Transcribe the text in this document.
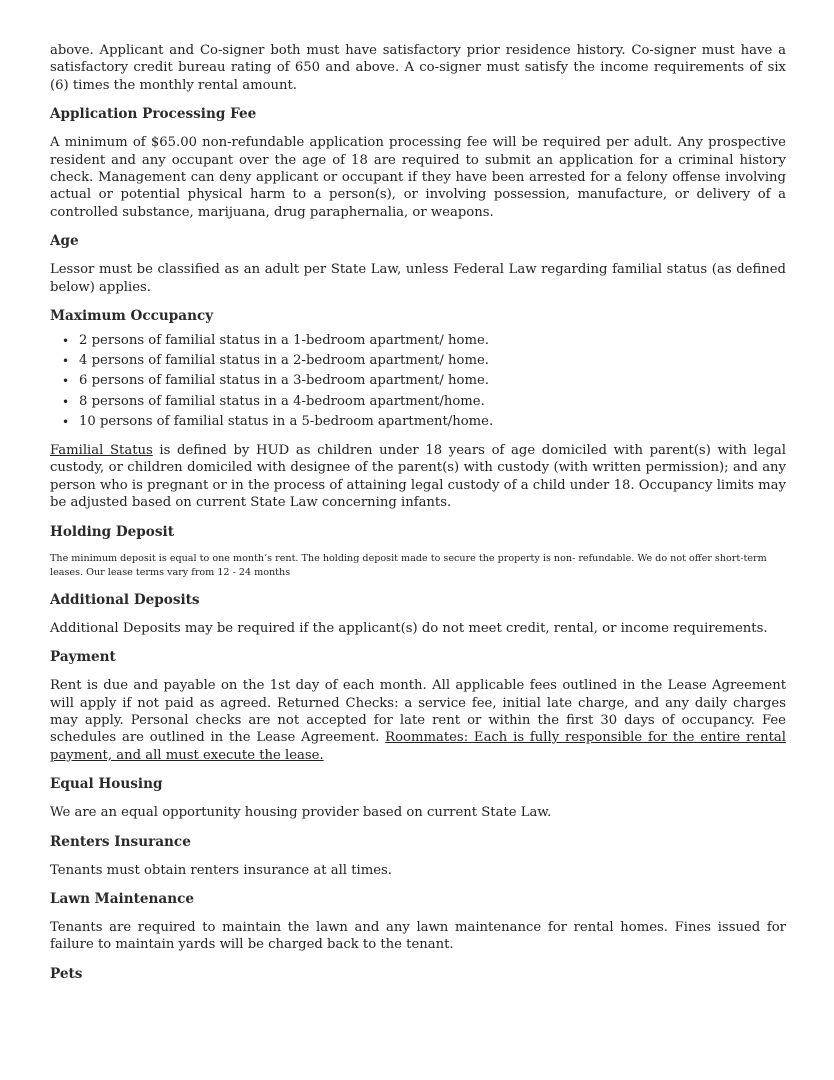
above. Applicant and Co-signer both must have satisfactory prior residence history. Co-signer must have a satisfactory credit bureau rating of 650 and above. A co-signer must satisfy the income requirements of six (6) times the monthly rental amount.

Application Processing Fee

A minimum of $65.00 non-refundable application processing fee will be required per adult. Any prospective resident and any occupant over the age of 18 are required to submit an application for a criminal history check. Management can deny applicant or occupant if they have been arrested for a felony offense involving actual or potential physical harm to a person(s), or involving possession, manufacture, or delivery of a controlled substance, marijuana, drug paraphernalia, or weapons.

Age

Lessor must be classified as an adult per State Law, unless Federal Law regarding familial status (as defined below) applies.

Maximum Occupancy
• 2 persons of familial status in a 1-bedroom apartment/ home.
• 4 persons of familial status in a 2-bedroom apartment/ home.
• 6 persons of familial status in a 3-bedroom apartment/ home.
• 8 persons of familial status in a 4-bedroom apartment/home.
• 10 persons of familial status in a 5-bedroom apartment/home.

Familial Status is defined by HUD as children under 18 years of age domiciled with parent(s) with legal custody, or children domiciled with designee of the parent(s) with custody (with written permission); and any person who is pregnant or in the process of attaining legal custody of a child under 18. Occupancy limits may be adjusted based on current State Law concerning infants.

Holding Deposit

The minimum deposit is equal to one month’s rent. The holding deposit made to secure the property is non- refundable. We do not offer short-term leases. Our lease terms vary from 12 - 24 months

Additional Deposits

Additional Deposits may be required if the applicant(s) do not meet credit, rental, or income requirements.

Payment

Rent is due and payable on the 1st day of each month. All applicable fees outlined in the Lease Agreement will apply if not paid as agreed. Returned Checks: a service fee, initial late charge, and any daily charges may apply. Personal checks are not accepted for late rent or within the first 30 days of occupancy. Fee schedules are outlined in the Lease Agreement. Roommates: Each is fully responsible for the entire rental payment, and all must execute the lease.

Equal Housing

We are an equal opportunity housing provider based on current State Law.

Renters Insurance

Tenants must obtain renters insurance at all times.

Lawn Maintenance

Tenants are required to maintain the lawn and any lawn maintenance for rental homes. Fines issued for failure to maintain yards will be charged back to the tenant.

Pets
